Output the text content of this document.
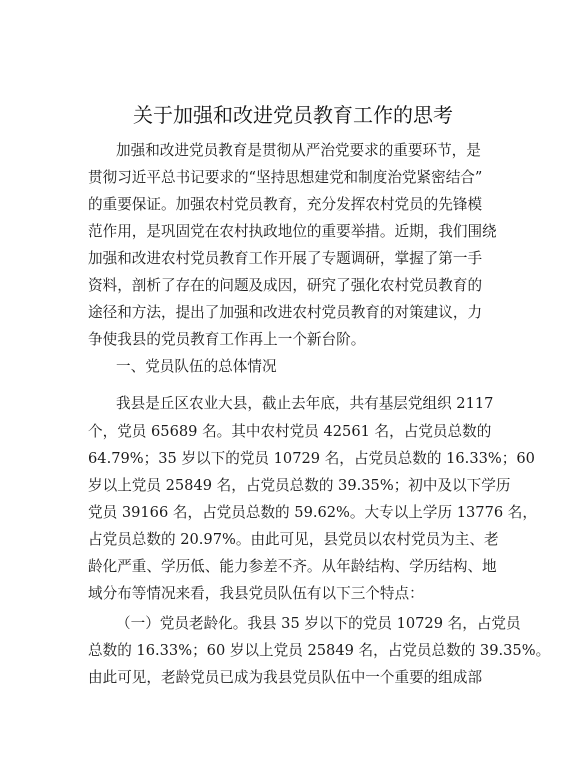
关于加强和改进党员教育工作的思考
加强和改进党员教育是贯彻从严治党要求的重要环节，是
贯彻习近平总书记要求的“坚持思想建党和制度治党紧密结合”
的重要保证。加强农村党员教育，充分发挥农村党员的先锋模
范作用，是巩固党在农村执政地位的重要举措。近期，我们围绕
加强和改进农村党员教育工作开展了专题调研，掌握了第一手
资料，剖析了存在的问题及成因，研究了强化农村党员教育的
途径和方法，提出了加强和改进农村党员教育的对策建议，力
争使我县的党员教育工作再上一个新台阶。
一、党员队伍的总体情况
我县是丘区农业大县，截止去年底，共有基层党组织 2117
个，党员 65689 名。其中农村党员 42561 名，占党员总数的
64.79%；35 岁以下的党员 10729 名，占党员总数的 16.33%；60
岁以上党员 25849 名，占党员总数的 39.35%；初中及以下学历
党员 39166 名，占党员总数的 59.62%。大专以上学历 13776 名，
占党员总数的 20.97%。由此可见，县党员以农村党员为主、老
龄化严重、学历低、能力参差不齐。从年龄结构、学历结构、地
域分布等情况来看，我县党员队伍有以下三个特点：
（一）党员老龄化。我县 35 岁以下的党员 10729 名，占党员
总数的 16.33%；60 岁以上党员 25849 名，占党员总数的 39.35%。
由此可见，老龄党员已成为我县党员队伍中一个重要的组成部
